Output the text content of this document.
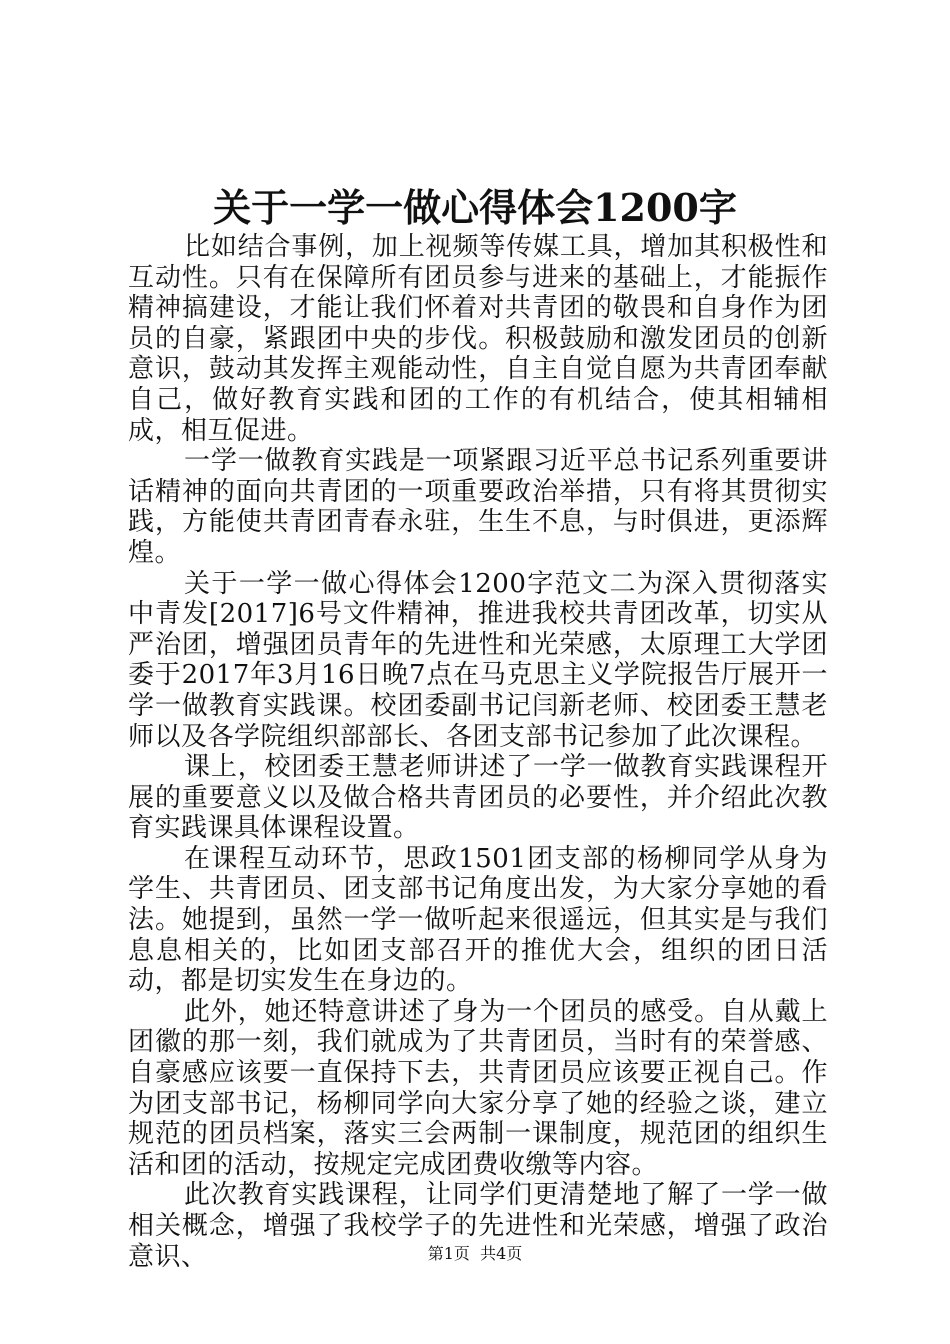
关于一学一做心得体会1200字

比如结合事例，加上视频等传媒工具，增加其积极性和互动性。只有在保障所有团员参与进来的基础上，才能振作精神搞建设，才能让我们怀着对共青团的敬畏和自身作为团员的自豪，紧跟团中央的步伐。积极鼓励和激发团员的创新意识，鼓动其发挥主观能动性，自主自觉自愿为共青团奉献自己，做好教育实践和团的工作的有机结合，使其相辅相成，相互促进。

一学一做教育实践是一项紧跟习近平总书记系列重要讲话精神的面向共青团的一项重要政治举措，只有将其贯彻实践，方能使共青团青春永驻，生生不息，与时俱进，更添辉煌。

关于一学一做心得体会1200字范文二为深入贯彻落实中青发[2017]6号文件精神，推进我校共青团改革，切实从严治团，增强团员青年的先进性和光荣感，太原理工大学团委于2017年3月16日晚7点在马克思主义学院报告厅展开一学一做教育实践课。校团委副书记闫新老师、校团委王慧老师以及各学院组织部部长、各团支部书记参加了此次课程。

课上，校团委王慧老师讲述了一学一做教育实践课程开展的重要意义以及做合格共青团员的必要性，并介绍此次教育实践课具体课程设置。

在课程互动环节，思政1501团支部的杨柳同学从身为学生、共青团员、团支部书记角度出发，为大家分享她的看法。她提到，虽然一学一做听起来很遥远，但其实是与我们息息相关的，比如团支部召开的推优大会，组织的团日活动，都是切实发生在身边的。

此外，她还特意讲述了身为一个团员的感受。自从戴上团徽的那一刻，我们就成为了共青团员，当时有的荣誉感、自豪感应该要一直保持下去，共青团员应该要正视自己。作为团支部书记，杨柳同学向大家分享了她的经验之谈，建立规范的团员档案，落实三会两制一课制度，规范团的组织生活和团的活动，按规定完成团费收缴等内容。

此次教育实践课程，让同学们更清楚地了解了一学一做相关概念，增强了我校学子的先进性和光荣感，增强了政治意识、	第1页  共4页
